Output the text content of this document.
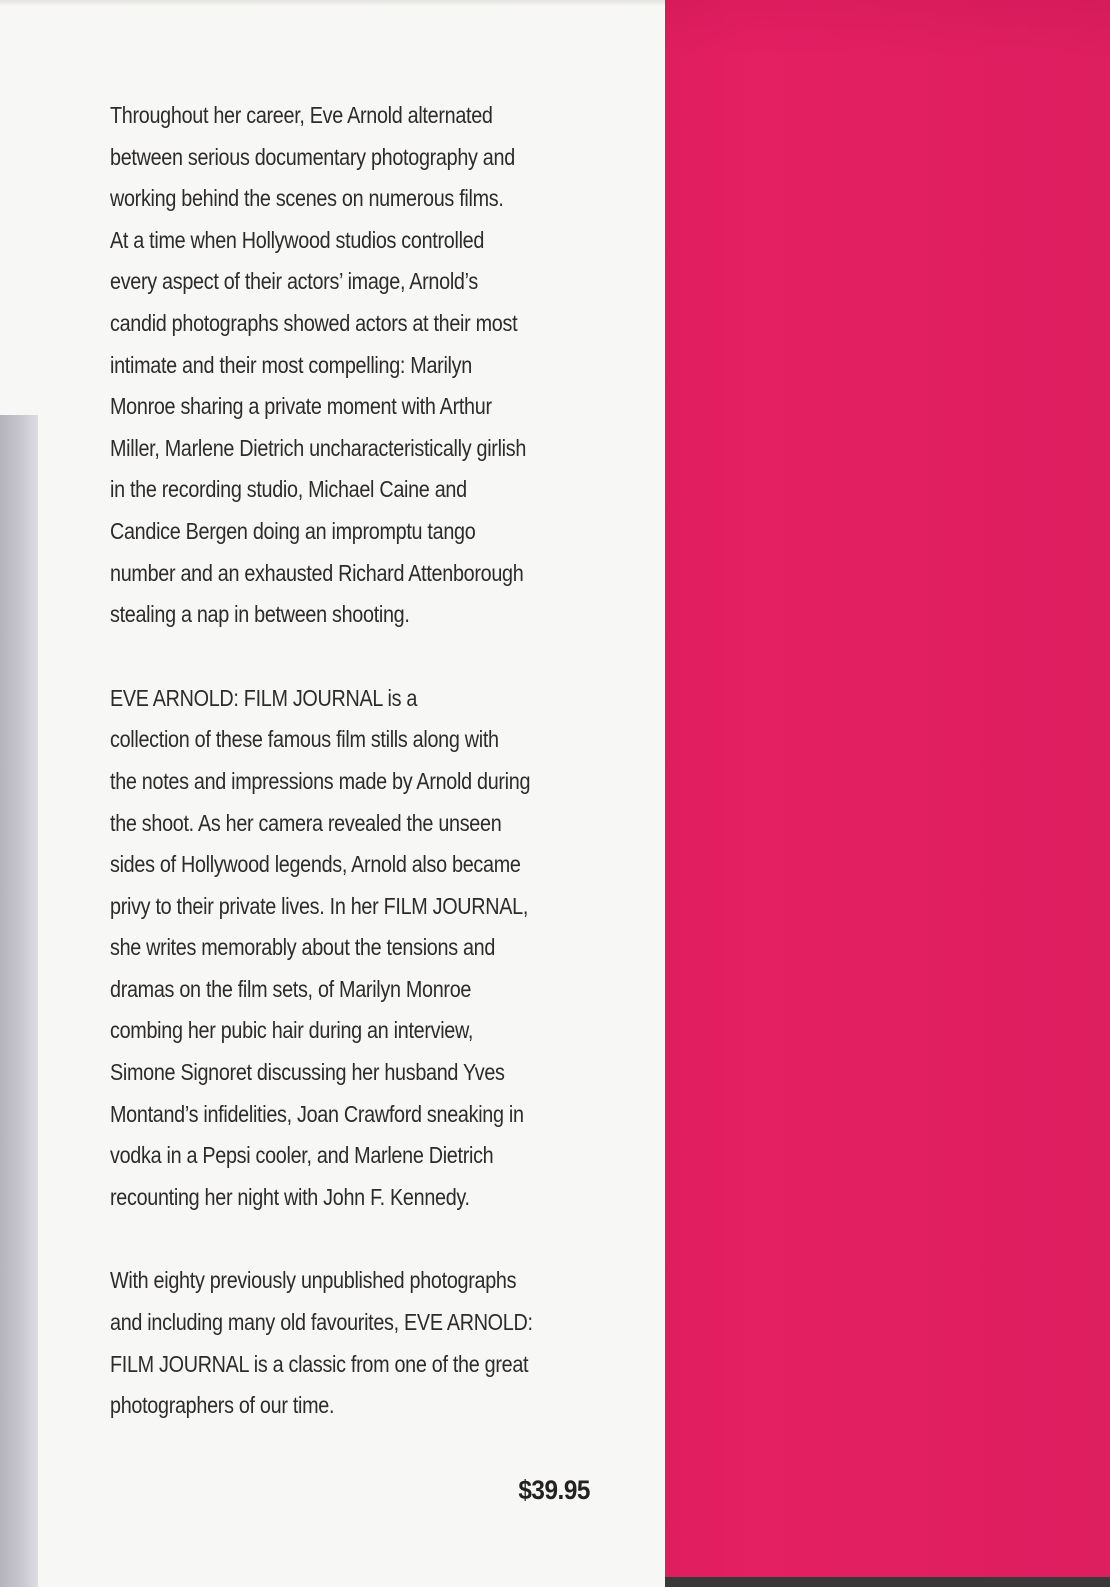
Throughout her career, Eve Arnold alternated
between serious documentary photography and
working behind the scenes on numerous films.
At a time when Hollywood studios controlled
every aspect of their actors’ image, Arnold’s
candid photographs showed actors at their most
intimate and their most compelling: Marilyn
Monroe sharing a private moment with Arthur
Miller, Marlene Dietrich uncharacteristically girlish
in the recording studio, Michael Caine and
Candice Bergen doing an impromptu tango
number and an exhausted Richard Attenborough
stealing a nap in between shooting.

EVE ARNOLD: FILM JOURNAL is a
collection of these famous film stills along with
the notes and impressions made by Arnold during
the shoot. As her camera revealed the unseen
sides of Hollywood legends, Arnold also became
privy to their private lives. In her FILM JOURNAL,
she writes memorably about the tensions and
dramas on the film sets, of Marilyn Monroe
combing her pubic hair during an interview,
Simone Signoret discussing her husband Yves
Montand’s infidelities, Joan Crawford sneaking in
vodka in a Pepsi cooler, and Marlene Dietrich
recounting her night with John F. Kennedy.

With eighty previously unpublished photographs
and including many old favourites, EVE ARNOLD:
FILM JOURNAL is a classic from one of the great
photographers of our time.

$39.95
